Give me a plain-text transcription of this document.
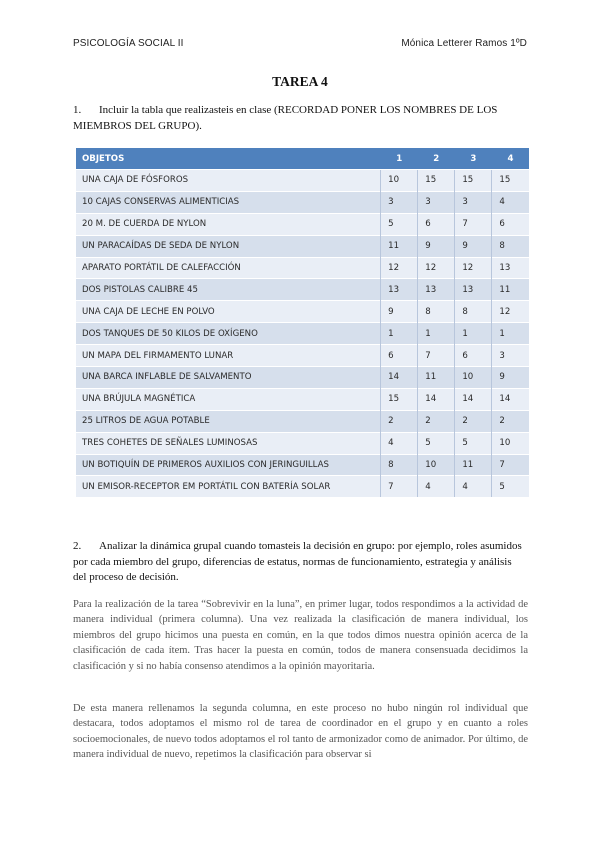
PSICOLOGÍA SOCIAL II	Mónica Letterer Ramos 1ºD
TAREA 4
1. Incluir la tabla que realizasteis en clase (RECORDAD PONER LOS NOMBRES DE LOS MIEMBROS DEL GRUPO).
OBJETOS	1	2	3	4
UNA CAJA DE FÓSFOROS	10	15	15	15
10 CAJAS CONSERVAS ALIMENTICIAS	3	3	3	4
20 M. DE CUERDA DE NYLON	5	6	7	6
UN PARACAÍDAS DE SEDA DE NYLON	11	9	9	8
APARATO PORTÁTIL DE CALEFACCIÓN	12	12	12	13
DOS PISTOLAS CALIBRE 45	13	13	13	11
UNA CAJA DE LECHE EN POLVO	9	8	8	12
DOS TANQUES DE 50 KILOS DE OXÍGENO	1	1	1	1
UN MAPA DEL FIRMAMENTO LUNAR	6	7	6	3
UNA BARCA INFLABLE DE SALVAMENTO	14	11	10	9
UNA BRÚJULA MAGNÉTICA	15	14	14	14
25 LITROS DE AGUA POTABLE	2	2	2	2
TRES COHETES DE SEÑALES LUMINOSAS	4	5	5	10
UN BOTIQUÍN DE PRIMEROS AUXILIOS CON JERINGUILLAS	8	10	11	7
UN EMISOR-RECEPTOR EM PORTÁTIL CON BATERÍA SOLAR	7	4	4	5
2. Analizar la dinámica grupal cuando tomasteis la decisión en grupo: por ejemplo, roles asumidos por cada miembro del grupo, diferencias de estatus, normas de funcionamiento, estrategia y análisis del proceso de decisión.
Para la realización de la tarea “Sobrevivir en la luna”, en primer lugar, todos respondimos a la actividad de manera individual (primera columna). Una vez realizada la clasificación de manera individual, los miembros del grupo hicimos una puesta en común, en la que todos dimos nuestra opinión acerca de la clasificación de cada ítem. Tras hacer la puesta en común, todos de manera consensuada decidimos la clasificación y si no había consenso atendimos a la opinión mayoritaria.
De esta manera rellenamos la segunda columna, en este proceso no hubo ningún rol individual que destacara, todos adoptamos el mismo rol de tarea de coordinador en el grupo y en cuanto a roles socioemocionales, de nuevo todos adoptamos el rol tanto de armonizador como de animador. Por último, de manera individual de nuevo, repetimos la clasificación para observar si
